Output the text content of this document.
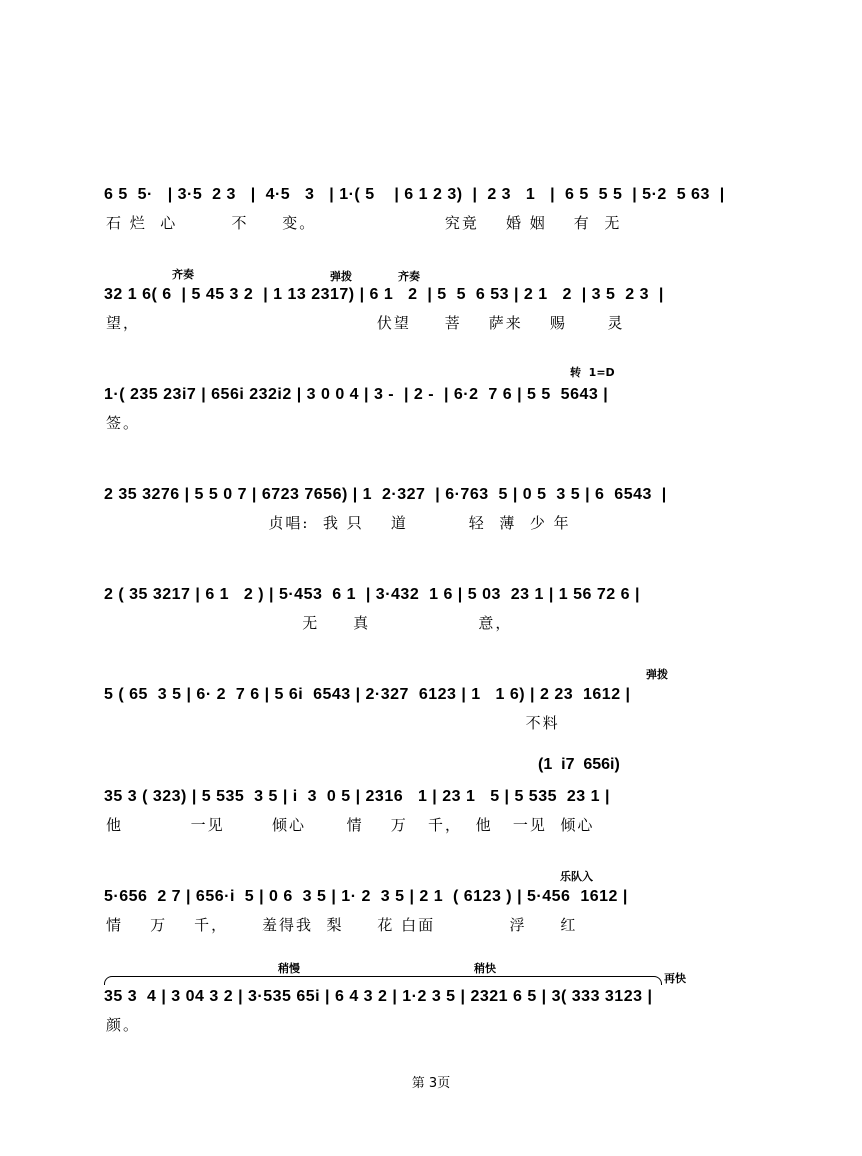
6 5  5·   | 3·5  2 3   |  4·5   3   | 1·( 5    | 6 1 2 3)  |  2 3   1   |  6 5  5 5  | 5·2  5 63  |
石 烂  心        不     变。                   究竟    婚 姻    有  无
齐奏	弹拨	齐奏
32 1 6( 6  | 5 45 3 2  | 1 13 2317) | 6 1   2  | 5  5  6 53 | 2 1   2  | 3 5  2 3  |
望，                                   伏望     菩    萨来    赐      灵
转  1=D
1·( 235 23i7 | 656i 232i2 | 3 0 0 4 | 3 -  | 2 -  | 6·2  7 6 | 5 5  5643 |
签。
2 35 3276 | 5 5 0 7 | 6723 7656) | 1  2·327  | 6·763  5 | 0 5  3 5 | 6  6543  |
贞唱:  我 只    道         轻  薄  少 年
2 ( 35 3217 | 6 1   2 ) | 5·453  6 1  | 3·432  1 6 | 5 03  23 1 | 1 56 72 6 |
无     真                意，
弹拨
5 ( 65  3 5 | 6· 2  7 6 | 5 6i  6543 | 2·327  6123 | 1   1 6) | 2 23  1612 |
不料
(1  i7  656i)
35 3 ( 323) | 5 535  3 5 | i  3  0 5 | 2316   1 | 23 1   5 | 5 535  23 1 |
他          一见       倾心      情    万   千，  他   一见  倾心
乐队入
5·656  2 7 | 656·i  5 | 0 6  3 5 | 1· 2  3 5 | 2 1  ( 6123 ) | 5·456  1612 |
情    万    千，     羞得我  梨     花 白面           浮     红
稍慢	稍快
再快
35 3  4 | 3 04 3 2 | 3·535 65i | 6 4 3 2 | 1·2 3 5 | 2321 6 5 | 3( 333 3123 |
颜。
第 3页
